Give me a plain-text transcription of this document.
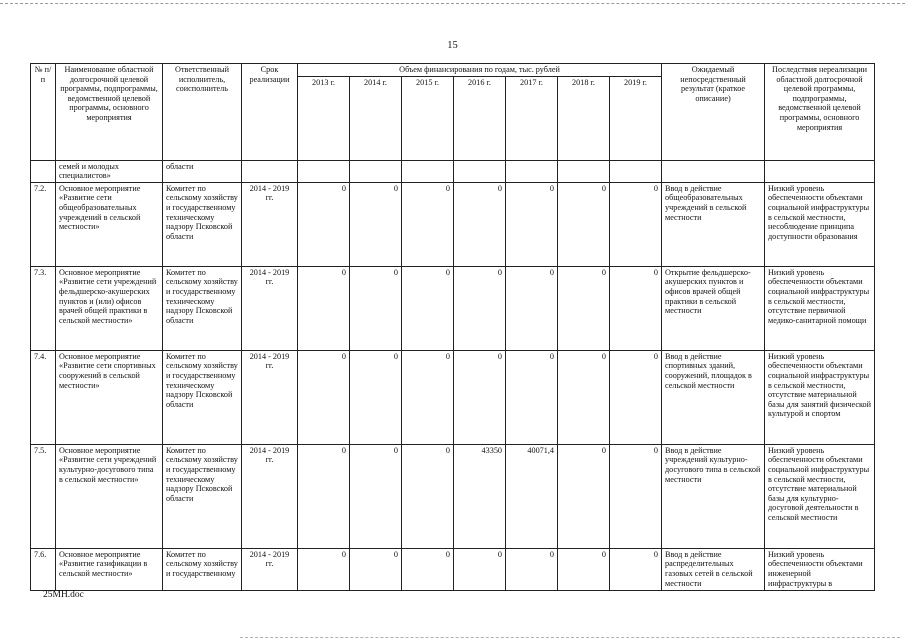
15
№ п/п	Наименование областной долгосрочной целевой программы, подпрограммы, ведомственной целевой программы, основного мероприятия	Ответственный исполнитель, соисполнитель	Срок реализации	Объем финансирования по годам, тыс. рублей							Ожидаемый непосредственный результат (краткое описание)	Последствия нереализации областной долгосрочной целевой программы, подпрограммы, ведомственной целевой программы, основного мероприятия
				2013 г.	2014 г.	2015 г.	2016 г.	2017 г.	2018 г.	2019 г.		
	семей и молодых специалистов»	области										
7.2.	Основное мероприятие «Развитие сети общеобразовательных учреждений в сельской местности»	Комитет по сельскому хозяйству и государственному техническому надзору Псковской области	2014 - 2019 гг.	0	0	0	0	0	0	0	Ввод в действие общеобразовательных учреждений в сельской местности	Низкий уровень обеспеченности объектами социальной инфраструктуры в сельской местности, несоблюдение принципа доступности образования
7.3.	Основное мероприятие «Развитие сети учреждений фельдшерско-акушерских пунктов и (или) офисов врачей общей практики в сельской местности»	Комитет по сельскому хозяйству и государственному техническому надзору Псковской области	2014 - 2019 гг.	0	0	0	0	0	0	0	Открытие фельдшерско-акушерских пунктов и офисов врачей общей практики в сельской местности	Низкий уровень обеспеченности объектами социальной инфраструктуры в сельской местности, отсутствие первичной медико-санитарной помощи
7.4.	Основное мероприятие «Развитие сети спортивных сооружений в сельской местности»	Комитет по сельскому хозяйству и государственному техническому надзору Псковской области	2014 - 2019 гг.	0	0	0	0	0	0	0	Ввод в действие спортивных зданий, сооружений, площадок в сельской местности	Низкий уровень обеспеченности объектами социальной инфраструктуры в сельской местности, отсутствие материальной базы для занятий физической культурой и спортом
7.5.	Основное мероприятие «Развитие сети учреждений культурно-досугового типа в сельской местности»	Комитет по сельскому хозяйству и государственному техническому надзору Псковской области	2014 - 2019 гг.	0	0	0	43350	40071,4	0	0	Ввод в действие учреждений культурно-досугового типа в сельской местности	Низкий уровень обеспеченности объектами социальной инфраструктуры в сельской местности, отсутствие материальной базы для культурно-досуговой деятельности в сельской местности
7.6.	Основное мероприятие «Развитие газификации в сельской местности»	Комитет по сельскому хозяйству и государственному	2014 - 2019 гг.	0	0	0	0	0	0	0	Ввод в действие распределительных газовых сетей в сельской местности	Низкий уровень обеспеченности объектами инженерной инфраструктуры в
25МН.doc
